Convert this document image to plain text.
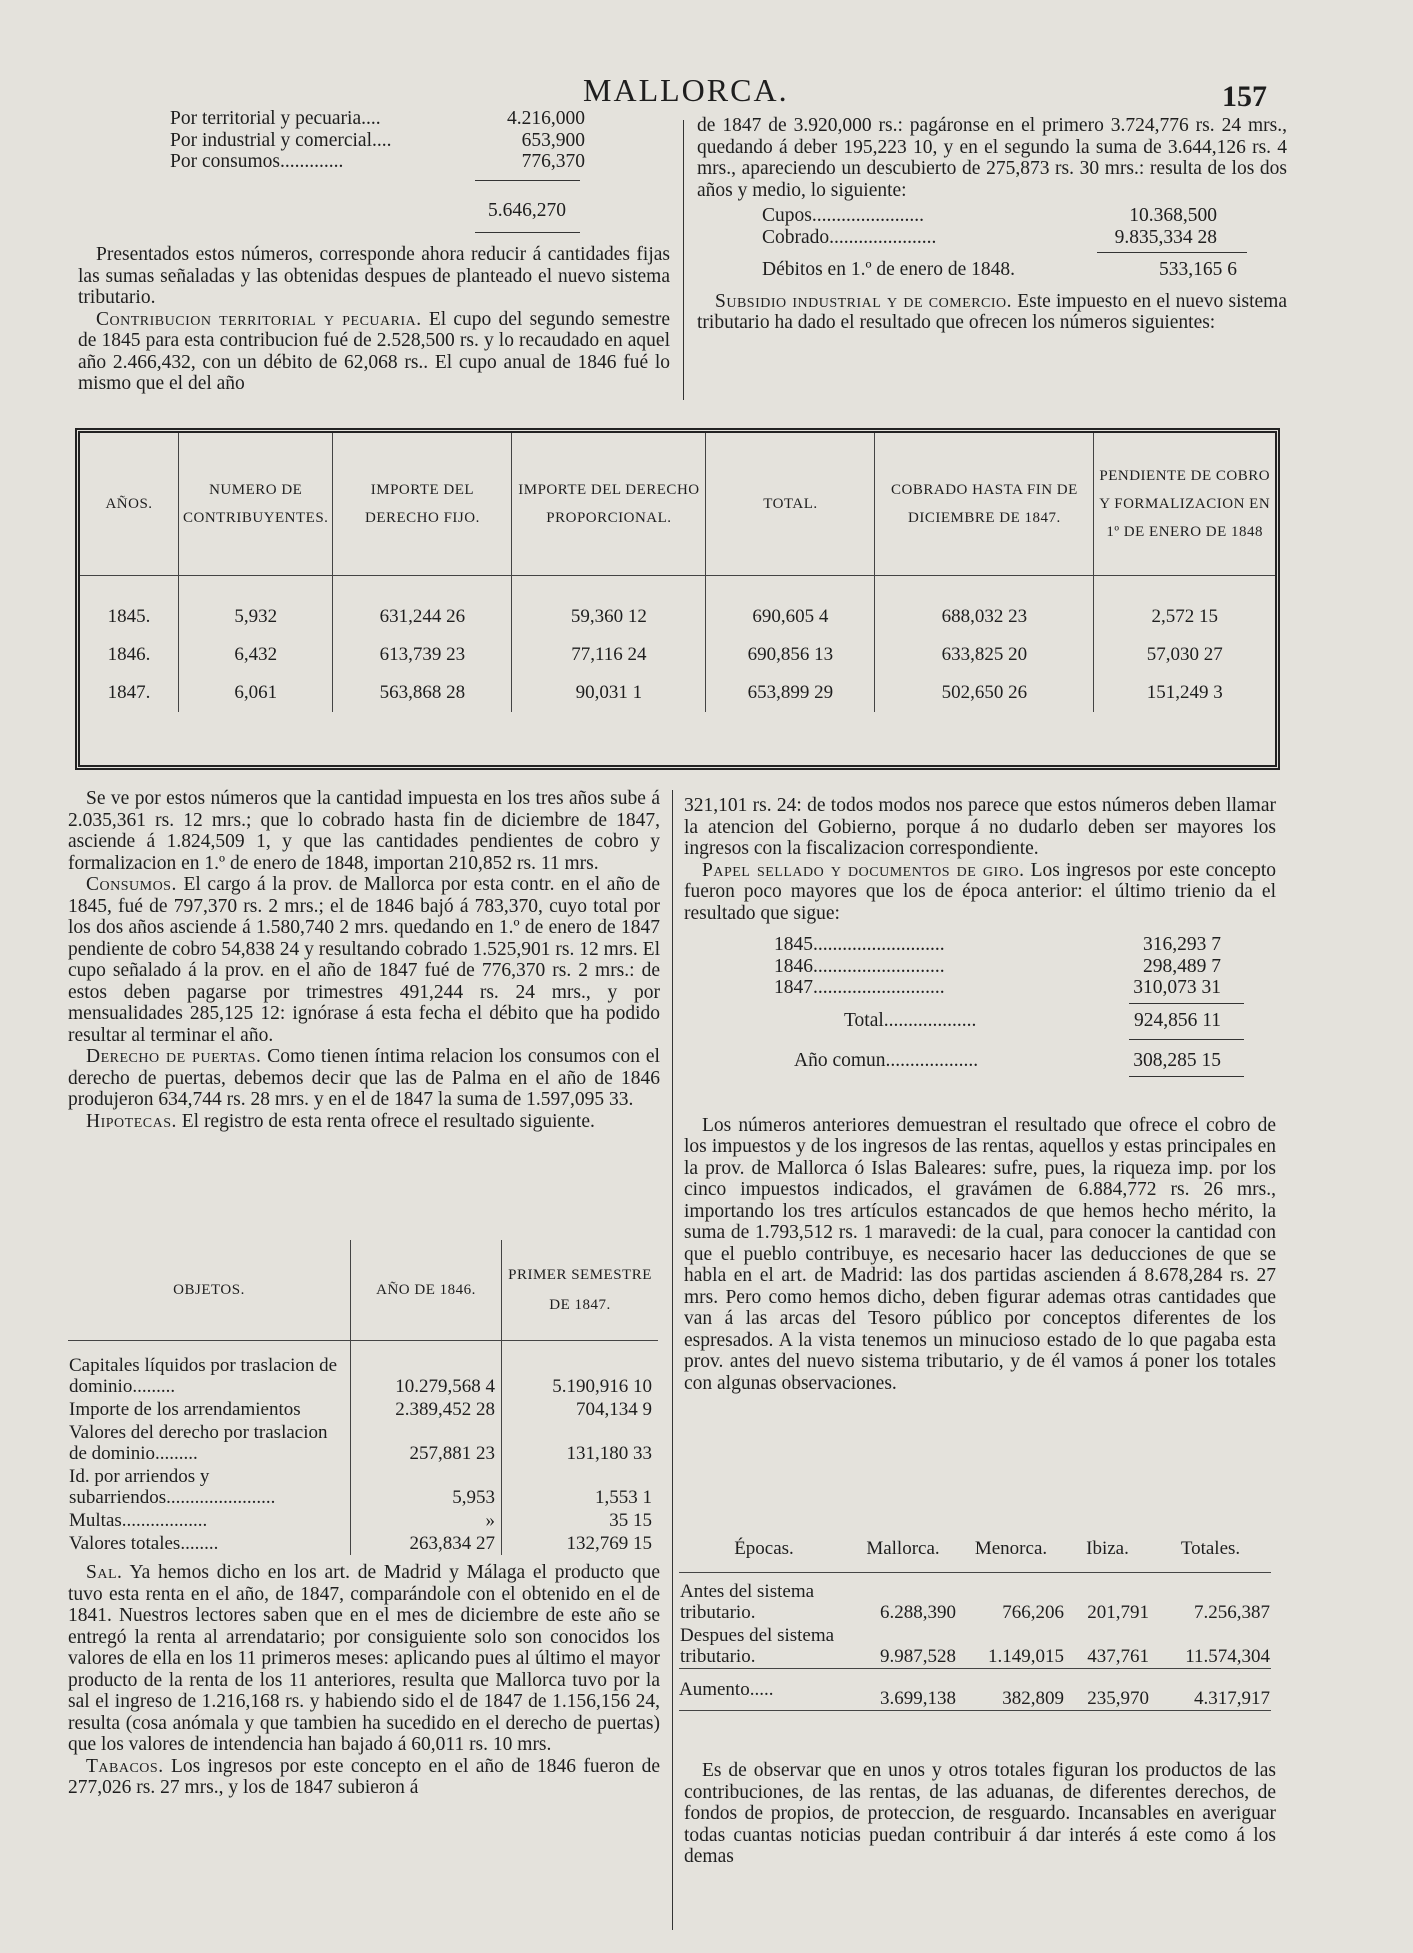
MALLORCA.	157
Por territorial y pecuaria....	4.216,000
Por industrial y comercial....	653,900
Por consumos.............	776,370
5.646,270

Presentados estos números, corresponde ahora reducir á cantidades fijas las sumas señaladas y las obtenidas despues de planteado el nuevo sistema tributario.

Contribucion territorial y pecuaria. El cupo del segundo semestre de 1845 para esta contribucion fué de 2.528,500 rs. y lo recaudado en aquel año 2.466,432, con un débito de 62,068 rs.. El cupo anual de 1846 fué lo mismo que el del año

de 1847 de 3.920,000 rs.: pagáronse en el primero 3.724,776 rs. 24 mrs., quedando á deber 195,223 10, y en el segundo la suma de 3.644,126 rs. 4 mrs., apareciendo un descubierto de 275,873 rs. 30 mrs.: resulta de los dos años y medio, lo siguiente:

Cupos.......................	10.368,500
Cobrado......................	9.835,334 28
Débitos en 1.º de enero de 1848.	533,165 6

Subsidio industrial y de comercio. Este impuesto en el nuevo sistema tributario ha dado el resultado que ofrecen los números siguientes:

AÑOS.	NUMERO DE CONTRIBUYENTES.	IMPORTE DEL DERECHO FIJO.	IMPORTE DEL DERECHO PROPORCIONAL.	TOTAL.	COBRADO HASTA FIN DE DICIEMBRE DE 1847.	PENDIENTE DE COBRO Y FORMALIZACION EN 1º DE ENERO DE 1848
1845.	5,932	631,244 26	59,360 12	690,605 4	688,032 23	2,572 15
1846.	6,432	613,739 23	77,116 24	690,856 13	633,825 20	57,030 27
1847.	6,061	563,868 28	90,031 1	653,899 29	502,650 26	151,249 3

Se ve por estos números que la cantidad impuesta en los tres años sube á 2.035,361 rs. 12 mrs.; que lo cobrado hasta fin de diciembre de 1847, asciende á 1.824,509 1, y que las cantidades pendientes de cobro y formalizacion en 1.º de enero de 1848, importan 210,852 rs. 11 mrs.

Consumos. El cargo á la prov. de Mallorca por esta contr. en el año de 1845, fué de 797,370 rs. 2 mrs.; el de 1846 bajó á 783,370, cuyo total por los dos años asciende á 1.580,740 2 mrs. quedando en 1.º de enero de 1847 pendiente de cobro 54,838 24 y resultando cobrado 1.525,901 rs. 12 mrs. El cupo señalado á la prov. en el año de 1847 fué de 776,370 rs. 2 mrs.: de estos deben pagarse por trimestres 491,244 rs. 24 mrs., y por mensualidades 285,125 12: ignórase á esta fecha el débito que ha podido resultar al terminar el año.

Derecho de puertas. Como tienen íntima relacion los consumos con el derecho de puertas, debemos decir que las de Palma en el año de 1846 produjeron 634,744 rs. 28 mrs. y en el de 1847 la suma de 1.597,095 33.

Hipotecas. El registro de esta renta ofrece el resultado siguiente.

OBJETOS.	AÑO DE 1846.	PRIMER SEMESTRE DE 1847.
Capitales líquidos por traslacion de dominio.........	10.279,568 4	5.190,916 10
Importe de los arrendamientos	2.389,452 28	704,134 9
Valores del derecho por traslacion de dominio.........	257,881 23	131,180 33
Id. por arriendos y subarriendos.......................	5,953	1,553 1
Multas..................	»	35 15
Valores totales........	263,834 27	132,769 15

Sal. Ya hemos dicho en los art. de Madrid y Málaga el producto que tuvo esta renta en el año, de 1847, comparándole con el obtenido en el de 1841. Nuestros lectores saben que en el mes de diciembre de este año se entregó la renta al arrendatario; por consiguiente solo son conocidos los valores de ella en los 11 primeros meses: aplicando pues al último el mayor producto de la renta de los 11 anteriores, resulta que Mallorca tuvo por la sal el ingreso de 1.216,168 rs. y habiendo sido el de 1847 de 1.156,156 24, resulta (cosa anómala y que tambien ha sucedido en el derecho de puertas) que los valores de intendencia han bajado á 60,011 rs. 10 mrs.

Tabacos. Los ingresos por este concepto en el año de 1846 fueron de 277,026 rs. 27 mrs., y los de 1847 subieron á

321,101 rs. 24: de todos modos nos parece que estos números deben llamar la atencion del Gobierno, porque á no dudarlo deben ser mayores los ingresos con la fiscalizacion correspondiente.

Papel sellado y documentos de giro. Los ingresos por este concepto fueron poco mayores que los de época anterior: el último trienio da el resultado que sigue:

1845...........................	316,293 7
1846...........................	298,489 7
1847...........................	310,073 31
Total...................	924,856 11
Año comun...................	308,285 15

Los números anteriores demuestran el resultado que ofrece el cobro de los impuestos y de los ingresos de las rentas, aquellos y estas principales en la prov. de Mallorca ó Islas Baleares: sufre, pues, la riqueza imp. por los cinco impuestos indicados, el gravámen de 6.884,772 rs. 26 mrs., importando los tres artículos estancados de que hemos hecho mérito, la suma de 1.793,512 rs. 1 maravedi: de la cual, para conocer la cantidad con que el pueblo contribuye, es necesario hacer las deducciones de que se habla en el art. de Madrid: las dos partidas ascienden á 8.678,284 rs. 27 mrs. Pero como hemos dicho, deben figurar ademas otras cantidades que van á las arcas del Tesoro público por conceptos diferentes de los espresados. A la vista tenemos un minucioso estado de lo que pagaba esta prov. antes del nuevo sistema tributario, y de él vamos á poner los totales con algunas observaciones.

Épocas.	Mallorca.	Menorca.	Ibiza.	Totales.
Antes del sistema tributario.	6.288,390	766,206	201,791	7.256,387
Despues del sistema tributario.	9.987,528	1.149,015	437,761	11.574,304
Aumento.....	3.699,138	382,809	235,970	4.317,917

Es de observar que en unos y otros totales figuran los productos de las contribuciones, de las rentas, de las aduanas, de diferentes derechos, de fondos de propios, de proteccion, de resguardo. Incansables en averiguar todas cuantas noticias puedan contribuir á dar interés á este como á los demas
